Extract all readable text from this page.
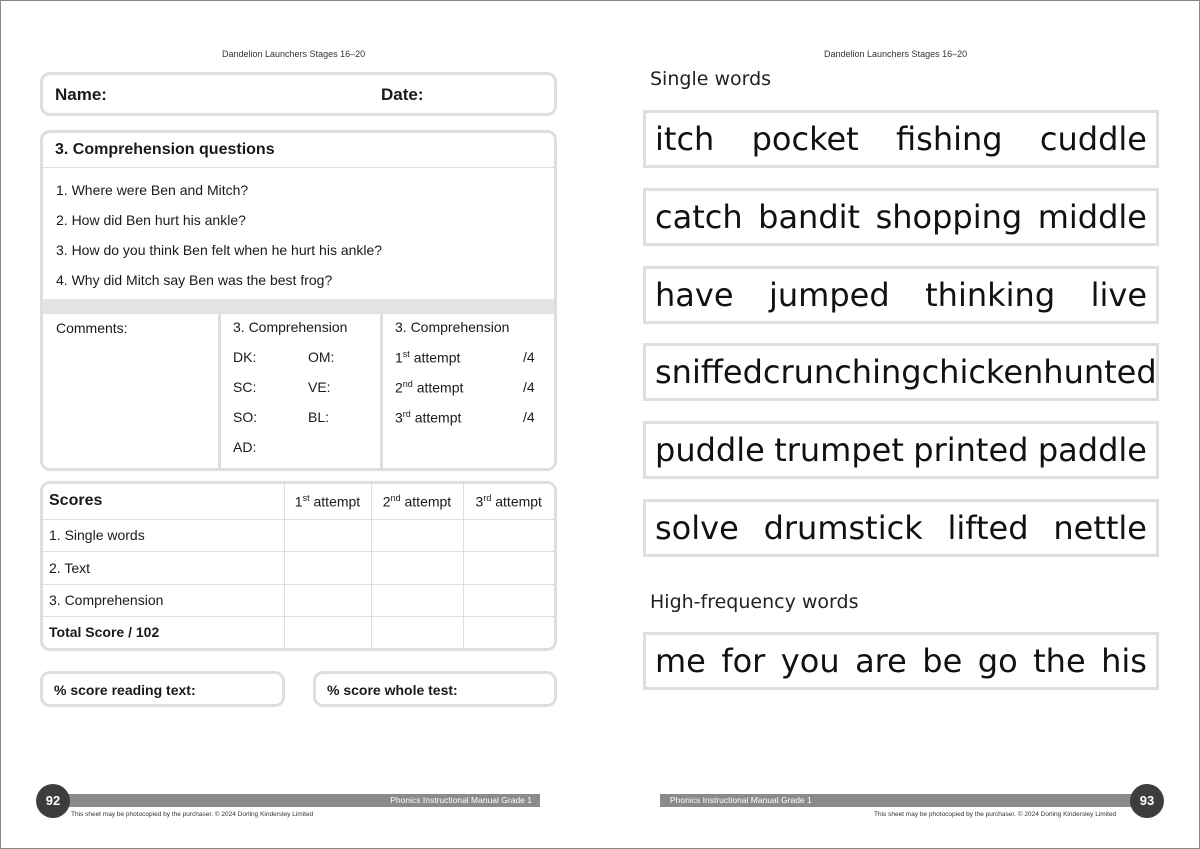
Dandelion Launchers Stages 16–20
Name:	Date:
3. Comprehension questions
1. Where were Ben and Mitch?
2. How did Ben hurt his ankle?
3. How do you think Ben felt when he hurt his ankle?
4. Why did Mitch say Ben was the best frog?
Comments:	3. Comprehension
DK:	OM:
SC:	VE:
SO:	BL:
AD:
3. Comprehension
1st attempt	/4
2nd attempt	/4
3rd attempt	/4
Scores	1st attempt	2nd attempt	3rd attempt
1. Single words			
2. Text			
3. Comprehension			
Total Score / 102			
% score reading text:	% score whole test:
Phonics Instructional Manual Grade 1
92
This sheet may be photocopied by the purchaser. © 2024 Dorling Kindersley Limited
Dandelion Launchers Stages 16–20
Single words
High-frequency words
Phonics Instructional Manual Grade 1	93
This sheet may be photocopied by the purchaser. © 2024 Dorling Kindersley Limited
itch pocket fishing cuddle
catch bandit shopping middle
have jumped thinking live
sniffed crunching chicken hunted
puddle trumpet printed paddle
solve drumstick lifted nettle
me for you are be go the his
